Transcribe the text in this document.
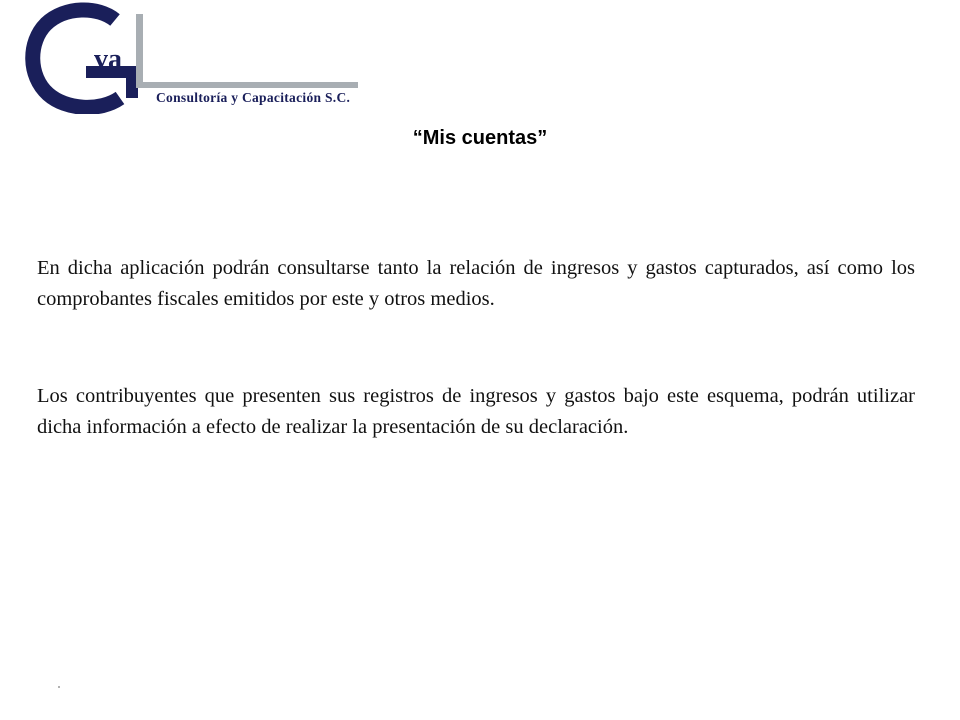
va
Consultoría y Capacitación S.C.
“Mis cuentas”

En dicha aplicación podrán consultarse tanto la relación de ingresos y gastos capturados, así como los comprobantes fiscales emitidos por este y otros medios.

Los contribuyentes que presenten sus registros de ingresos y gastos bajo este esquema, podrán utilizar dicha información a efecto de realizar la presentación de su declaración.
